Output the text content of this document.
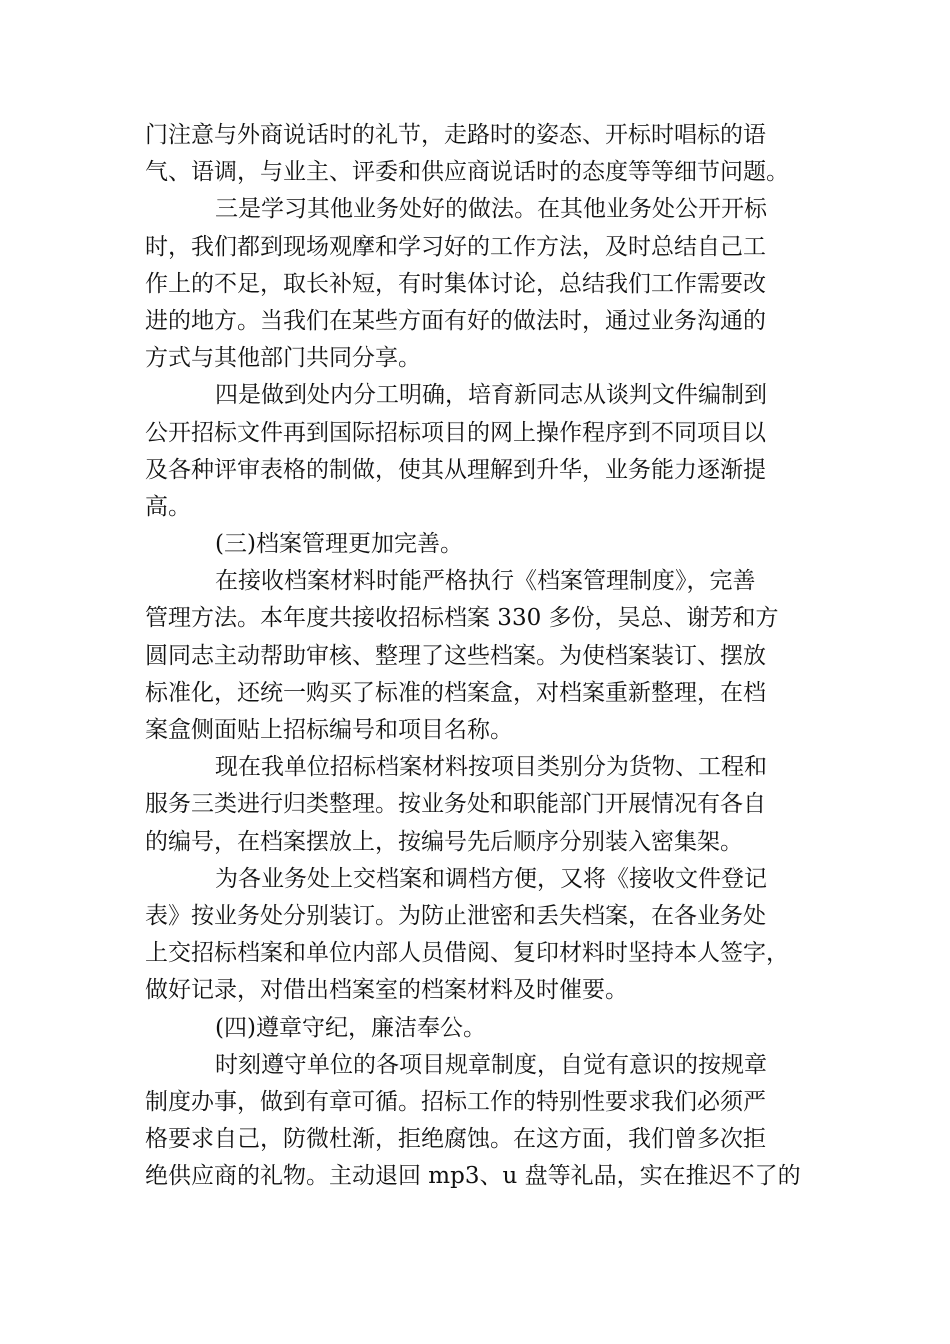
门注意与外商说话时的礼节，走路时的姿态、开标时唱标的语
气、语调，与业主、评委和供应商说话时的态度等等细节问题。
三是学习其他业务处好的做法。在其他业务处公开开标
时，我们都到现场观摩和学习好的工作方法，及时总结自己工
作上的不足，取长补短，有时集体讨论，总结我们工作需要改
进的地方。当我们在某些方面有好的做法时，通过业务沟通的
方式与其他部门共同分享。
四是做到处内分工明确，培育新同志从谈判文件编制到
公开招标文件再到国际招标项目的网上操作程序到不同项目以
及各种评审表格的制做，使其从理解到升华，业务能力逐渐提
高。
(三)档案管理更加完善。
在接收档案材料时能严格执行《档案管理制度》，完善
管理方法。本年度共接收招标档案 330 多份，吴总、谢芳和方
圆同志主动帮助审核、整理了这些档案。为使档案装订、摆放
标准化，还统一购买了标准的档案盒，对档案重新整理，在档
案盒侧面贴上招标编号和项目名称。
现在我单位招标档案材料按项目类别分为货物、工程和
服务三类进行归类整理。按业务处和职能部门开展情况有各自
的编号，在档案摆放上，按编号先后顺序分别装入密集架。
为各业务处上交档案和调档方便，又将《接收文件登记
表》按业务处分别装订。为防止泄密和丢失档案，在各业务处
上交招标档案和单位内部人员借阅、复印材料时坚持本人签字，
做好记录，对借出档案室的档案材料及时催要。
(四)遵章守纪，廉洁奉公。
时刻遵守单位的各项目规章制度，自觉有意识的按规章
制度办事，做到有章可循。招标工作的特别性要求我们必须严
格要求自己，防微杜渐，拒绝腐蚀。在这方面，我们曾多次拒
绝供应商的礼物。主动退回 mp3、u 盘等礼品，实在推迟不了的
